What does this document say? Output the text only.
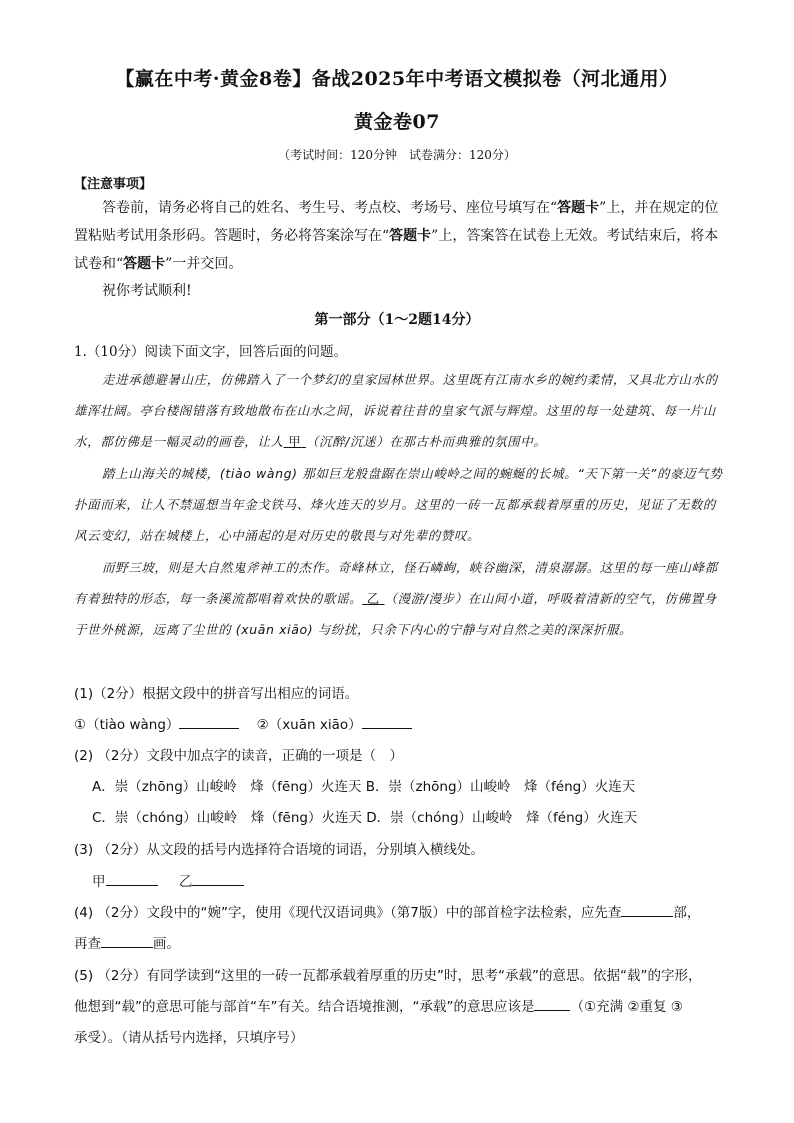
【赢在中考·黄金8卷】备战2025年中考语文模拟卷（河北通用）
黄金卷07
（考试时间：120分钟　试卷满分：120分）
【注意事项】
答卷前，请务必将自己的姓名、考生号、考点校、考场号、座位号填写在“答题卡”上，并在规定的位置粘贴考试用条形码。答题时，务必将答案涂写在“答题卡”上，答案答在试卷上无效。考试结束后，将本试卷和“答题卡”一并交回。
祝你考试顺利!
第一部分（1～2题14分）
1.（10分）阅读下面文字，回答后面的问题。
走进承德避暑山庄，仿佛踏入了一个梦幻的皇家园林世界。这里既有江南水乡的婉约柔情，又具北方山水的雄浑壮阔。亭台楼阁错落有致地散布在山水之间，诉说着往昔的皇家气派与辉煌。这里的每一处建筑、每一片山水，都仿佛是一幅灵动的画卷，让人 甲 （沉醉/沉迷）在那古朴而典雅的氛围中。
踏上山海关的城楼，(tiào wàng) 那如巨龙般盘踞在崇山峻岭之间的蜿蜒的长城。“天下第一关”的豪迈气势扑面而来，让人不禁遥想当年金戈铁马、烽火连天的岁月。这里的一砖一瓦都承载着厚重的历史，见证了无数的风云变幻，站在城楼上，心中涌起的是对历史的敬畏与对先辈的赞叹。
而野三坡，则是大自然鬼斧神工的杰作。奇峰林立，怪石嶙峋，峡谷幽深，清泉潺潺。这里的每一座山峰都有着独特的形态，每一条溪流都唱着欢快的歌谣。 乙 （漫游/漫步）在山间小道，呼吸着清新的空气，仿佛置身于世外桃源，远离了尘世的 (xuān xiāo) 与纷扰，只余下内心的宁静与对自然之美的深深折服。
(1)（2分）根据文段中的拼音写出相应的词语。
①（tiào wàng）	②（xuān xiāo）
(2) （2分）文段中加点字的读音，正确的一项是（　）
A．崇（zhōng）山峻岭　烽（fēng）火连天 B．崇（zhōng）山峻岭　烽（féng）火连天
C．崇（chóng）山峻岭　烽（fēng）火连天 D．崇（chóng）山峻岭　烽（féng）火连天
(3) （2分）从文段的括号内选择符合语境的词语，分别填入横线处。
甲	乙
(4) （2分）文段中的“婉”字，使用《现代汉语词典》（第7版）中的部首检字法检索，应先查	部，
再查	画。
(5) （2分）有同学读到“这里的一砖一瓦都承载着厚重的历史”时，思考“承载”的意思。依据“载”的字形，
他想到“载”的意思可能与部首“车”有关。结合语境推测，“承载”的意思应该是	（①充满 ②重复 ③
承受）。（请从括号内选择，只填序号）
